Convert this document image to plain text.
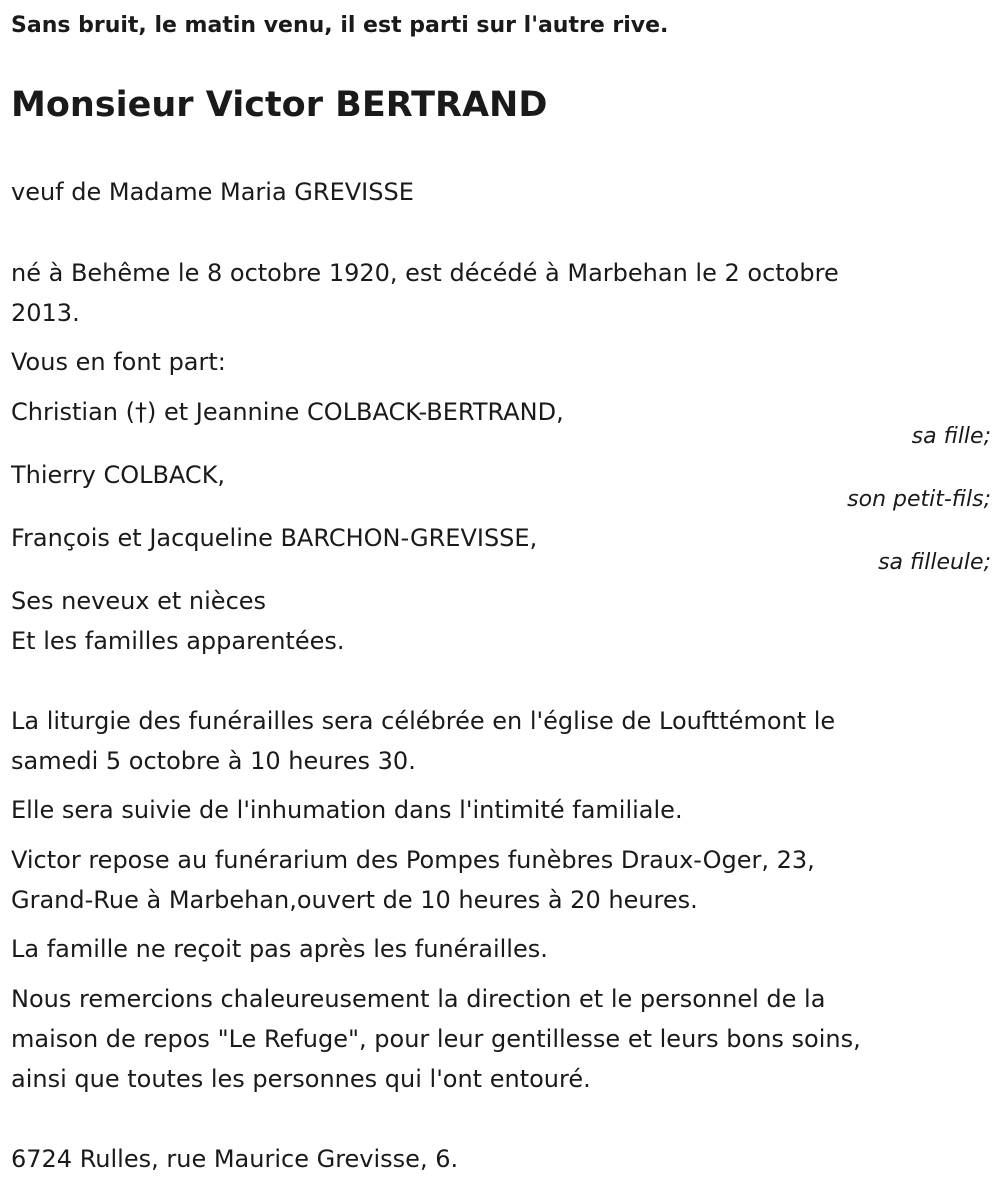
Sans bruit, le matin venu, il est parti sur l'autre rive.
Monsieur Victor BERTRAND
veuf de Madame Maria GREVISSE
né à Behême le 8 octobre 1920, est décédé à Marbehan le 2 octobre
2013.
Vous en font part:
Christian (†) et Jeannine COLBACK-BERTRAND,
sa fille;
Thierry COLBACK,
son petit-fils;
François et Jacqueline BARCHON-GREVISSE,
sa filleule;
Ses neveux et nièces
Et les familles apparentées.
La liturgie des funérailles sera célébrée en l'église de Loufttémont le
samedi 5 octobre à 10 heures 30.
Elle sera suivie de l'inhumation dans l'intimité familiale.
Victor repose au funérarium des Pompes funèbres Draux-Oger, 23,
Grand-Rue à Marbehan,ouvert de 10 heures à 20 heures.
La famille ne reçoit pas après les funérailles.
Nous remercions chaleureusement la direction et le personnel de la
maison de repos "Le Refuge", pour leur gentillesse et leurs bons soins,
ainsi que toutes les personnes qui l'ont entouré.
6724 Rulles, rue Maurice Grevisse, 6.
